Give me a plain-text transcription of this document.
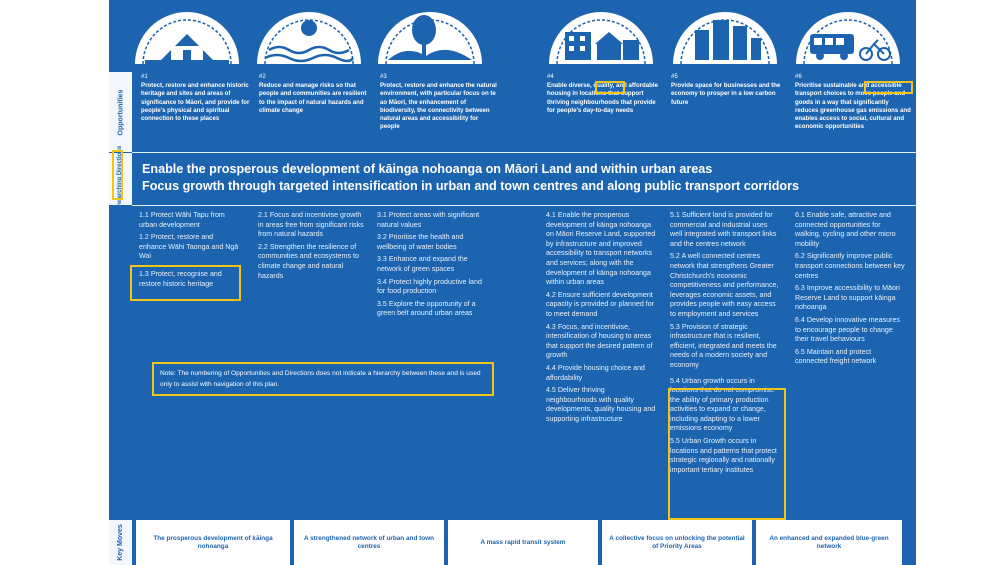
Opportunities
Overarching Directions
Key Moves
#1
Protect, restore and enhance historic heritage and sites and areas of significance to Māori, and provide for people's physical and spiritual connection to these places
#2
Reduce and manage risks so that people and communities are resilient to the impact of natural hazards and climate change
#3
Protect, restore and enhance the natural environment, with particular focus on te ao Māori, the enhancement of biodiversity, the connectivity between natural areas and accessibility for people
#4
Enable diverse, quality, and affordable housing in locations that support thriving neighbourhoods that provide for people's day-to-day needs
#5
Provide space for businesses and the economy to prosper in a low carbon future
#6
Prioritise sustainable and accessible transport choices to move people and goods in a way that significantly reduces greenhouse gas emissions and enables access to social, cultural and economic opportunities
Enable the prosperous development of kāinga nohoanga on Māori Land and within urban areas
Focus growth through targeted intensification in urban and town centres and along public transport corridors

1.1 Protect Wāhi Tapu from urban development

1.2 Protect, restore and enhance Wāhi Taonga and Ngā Wai

1.3 Protect, recognise and restore historic heritage

2.1 Focus and incentivise growth in areas free from significant risks from natural hazards

2.2 Strengthen the resilience of communities and ecosystems to climate change and natural hazards

3.1 Protect areas with significant natural values

3.2 Prioritise the health and wellbeing of water bodies

3.3 Enhance and expand the network of green spaces

3.4 Protect highly productive land for food production

3.5 Explore the opportunity of a green belt around urban areas

4.1 Enable the prosperous development of kāinga nohoanga on Māori Reserve Land, supported by infrastructure and improved accessibility to transport networks and services; along with the development of kāinga nohoanga within urban areas

4.2 Ensure sufficient development capacity is provided or planned for to meet demand

4.3 Focus, and incentivise, intensification of housing to areas that support the desired pattern of growth

4.4 Provide housing choice and affordability

4.5 Deliver thriving neighbourhoods with quality developments, quality housing and supporting infrastructure

5.1 Sufficient land is provided for commercial and industrial uses well integrated with transport links and the centres network

5.2 A well connected centres network that strengthens Greater Christchurch's economic competitiveness and performance, leverages economic assets, and provides people with easy access to employment and services

5.3 Provision of strategic infrastructure that is resilient, efficient, integrated and meets the needs of a modern society and economy

5.4 Urban growth occurs in locations that do not compromise the ability of primary production activities to expand or change, including adapting to a lower emissions economy

5.5 Urban Growth occurs in locations and patterns that protect strategic regionally and nationally important tertiary institutes

6.1 Enable safe, attractive and connected opportunities for walking, cycling and other micro mobility

6.2 Significantly improve public transport connections between key centres

6.3 Improve accessibility to Māori Reserve Land to support kāinga nohoanga

6.4 Develop innovative measures to encourage people to change their travel behaviours

6.5 Maintain and protect connected freight network

Note: The numbering of Opportunities and Directions does not indicate a hierarchy between these and is used only to assist with navigation of this plan.
The prosperous development of kāinga nohoanga
A strengthened network of urban and town centres
A mass rapid transit system
A collective focus on unlocking the potential of Priority Areas
An enhanced and expanded blue-green network
